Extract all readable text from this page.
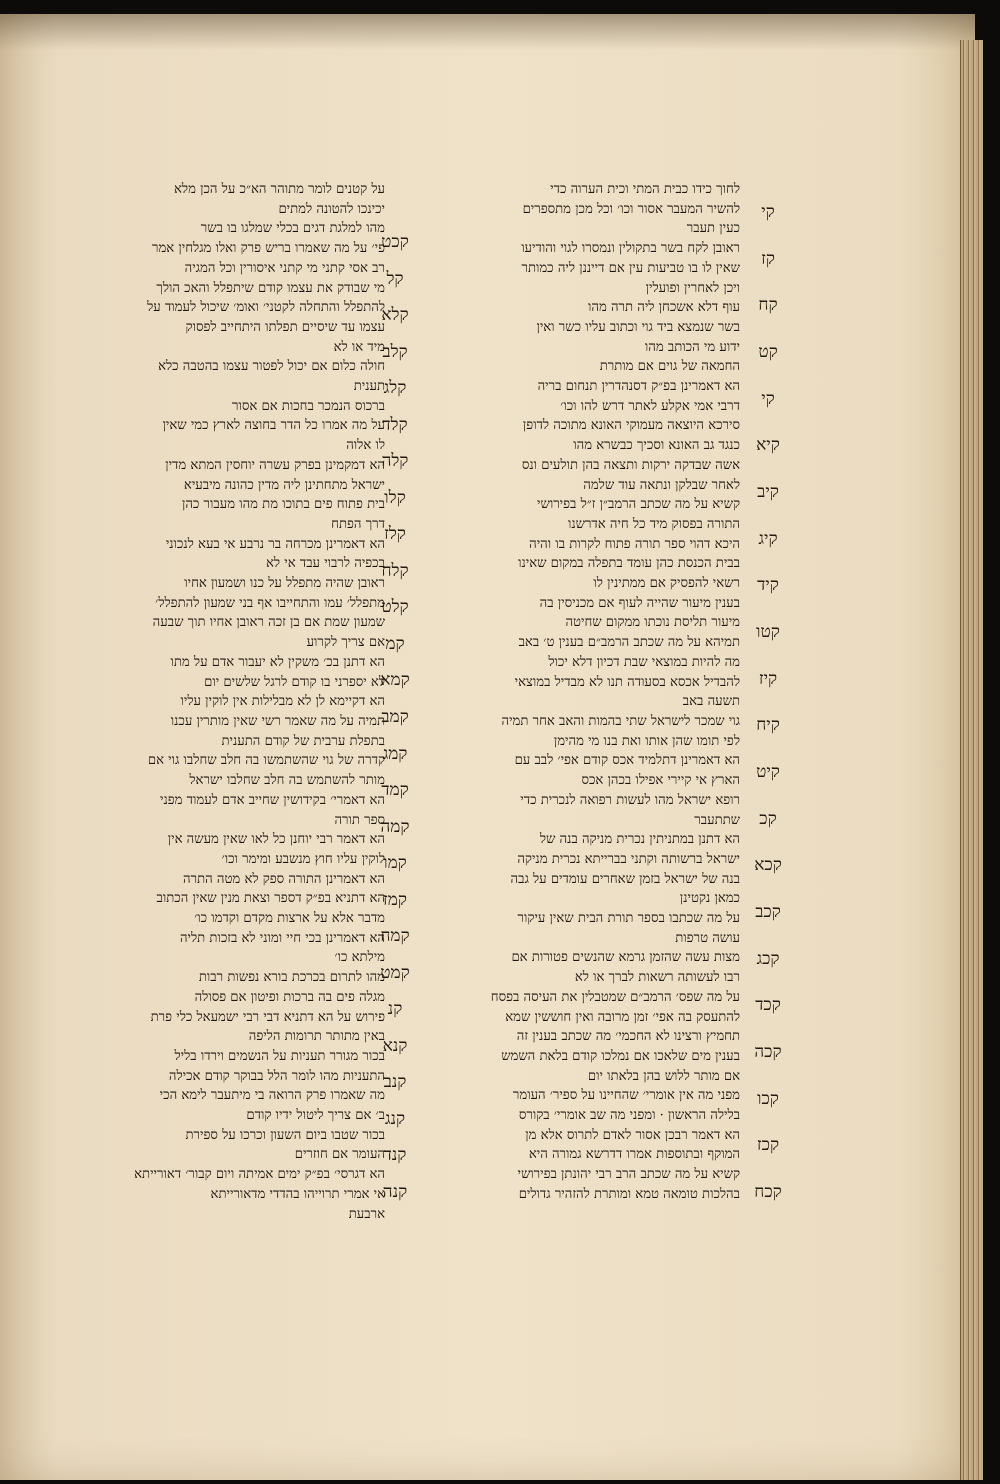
לחוך כידו כבית המתי וכית הערוה כדי
להשיר המעבר אסור וכו׳ וכל מכן מתספרים
כעין תעבר
ראובן לקח בשר בתקולין ונמסרו לגוי והודיעו
שאין לו בו טביעות עין אם דייננן ליה כמותר
ויכן לאחרין ופועלין
עוף דלא אשכחן ליה תרה מהו
בשר שנמצא ביד גוי וכתוב עליו כשר ואין
ידוע מי הכותב מהו
החמאה של גוים אם מותרת
הא דאמרינן בפ״ק דסנהדרין תנחום בריה
דרבי אמי אקלע לאתר דרש להו וכו׳
סירכא היוצאה מעמוקי האונא מתוכה לדופן
כנגד גב האונא וסכיך כבשרא מהו
אשה שבדקה ירקות ותצאה בהן תולעים ונס
לאחר שבלקן ונתאה עוד שלמה
קשיא על מה שכתב הרמב״ן ז״ל בפירושי
התורה בפסוק מיד כל חיה אדרשנו
היכא דהוי ספר תורה פתוח לקרות בו והיה
בבית הכנסת כהן עומד בתפלה במקום שאינו
רשאי להפסיק אם ממתינין לו
בענין מיעור שהייה לעוף אם מכניסין בה
מיעור תליסת נוכתו ממקום שחיטה
תמיהא על מה שכתב הרמב״ם בענין ט׳ באב
מה להיות במוצאי שבת דכיון דלא יכול
להבדיל אכסא בסעודה תנו לא מבדיל במוצאי
תשעה באב
גוי שמכר לישראל שתי בהמות והאב אחר תמיה
לפי תומו שהן אותו ואת בנו מי מהימן
הא דאמרינן דתלמיד אכס קודם אפי׳ לבב עם
הארץ אי קיירי אפילו בכהן אכס
רופא ישראל מהו לעשות רפואה לנכרית כדי
שתתעבר
הא דתנן במתניתין נכרית מניקה בנה של
ישראל ברשותה וקתני בברייתא נכרית מניקה
בנה של ישראל בזמן שאחרים עומדים על גבה
כמאן נקטינן
על מה שכתבו בספר תורת הבית שאין עיקור
עושה טרפות
מצות עשה שהזמן גרמא שהנשים פטורות אם
רבו לעשותה רשאות לברך או לא
על מה שפס׳ הרמב״ם שמטבלין את העיסה בפסח
להתעסק בה אפי׳ זמן מרובה ואין חוששין שמא
תחמיץ ורצינו לא החכמי׳ מה שכתב בענין זה
בענין מים שלאכו אם נמלכו קודם בלאת השמש
אם מותר ללוש בהן בלאתו יום
מפני מה אין אומרי׳ שהחיינו על ספיר׳ העומר
בלילה הראשון · ומפני מה שב אומרי׳ בקורס
הא דאמר רבכן אסור לאדם לתרוס אלא מן
המוקף ובתוספות אמרו דדרשא גמורה היא
קשיא על מה שכתב הרב רבי יהונתן בפירושי
בהלכות טומאה טמא ומותרת להזהיר גדולים
על קטנים לומר מתוהר הא״כ על הכן מלא
יכינכו להטונה למתים
מהו למלגת דגים בכלי שמלגו בו בשר
פי׳ על מה שאמרו בריש פרק ואלו מגלחין אמר
רב אסי קתני מי קתני איסורין וכל המגיה
מי שבודק את עצמו קודם שיתפלל והאכ הולך
להתפלל והתחלה לקטני׳ ואומ׳ שיכול לעמוד על
עצמו עד שיסיים תפלתו היתחייב לפסוק
מיד או לא
חולה כלום אם יכול לפטור עצמו בהטבה כלא
תענית
ברכוס הנמכר בחכות אם אסור
על מה אמרו כל הדר בחוצה לארץ כמי שאין
לו אלוה
הא דמקמינן בפרק עשרה יוחסין המתא מדין
ישראל מתחתינן ליה מדין כהונה מיבעיא
בית פתוח פים בתוכו מת מהו מעבור כהן
דרך הפתח
הא דאמרינן מכרחה בר נרבע אי בעא לנכוני
בכפיה לרבוי עבד אי לא
ראובן שהיה מתפלל על כנו ושמעון אחיו
מתפלל׳ עמו והתחייבו אף בני שמעון להתפלל׳
שמעון שמת אם בן זכה ראובן אחיו תוך שבעה
אם צריך לקרוע
הא דתנן בכ׳ משקין לא יעבור אדם על מתו
לא יספרני בו קודם לרגל שלשים יום
הא דקיימא לן לא מבלילות אין לוקין עליו
תמיה על מה שאמר רשי שאין מותרין עכנו
בתפלת ערבית של קודם התענית
קדרה של גוי שהשתמשו בה חלב שחלבו גוי אם
מותר להשתמש בה חלב שחלבו ישראל
הא דאמרי׳ בקידושין שחייב אדם לעמוד מפני
ספר תורה
הא דאמר רבי יוחנן כל לאו שאין מעשה אין
לוקין עליו חוץ מנשבע ומימר וכו׳
הא דאמרינן התורה ספק לא מטה התרה
הא דתניא בפ״ק דספר וצאת מנין שאין הכתוב
מדבר אלא על ארצות מקדם וקדמו כו׳
הא דאמרינן בכי חיי ומוני לא בזכות תליה
מילתא כו׳
מהו לתרום בכרכת בורא נפשות רבות
מגלה פים בה ברכות ופיטון אם פסולה
פירוש על הא דתניא דבי רבי ישמעאל כלי פרת
באין מתותר תרומות הליפה
בכור מגורר תעניות על הנשמים וירדו בליל
התעניות מהו לומר הלל בבוקר קודם אכילה
מה שאמרו פרק הרואה בי מיתעבר לימא הכי
ב׳ אם צריך ליטול ידיו קודם
בכור שטבו ביום השעון וכרכו על ספירת
העומר אם חוזרים
הא דגרסי׳ בפ״ק ימים אמיתה ויום קבור׳ דאורייתא
אי אמרי תרוייהו בהדדי מדאורייתא
ארבעת
קי
קז
קח
קט
קי
קיא
קיב
קיג
קיד
קטו
קיז
קיח
קיט
קכ
קכא
קכב
קכג
קכד
קכה
קכו
קכז
קכח
קכט
קל
קלא
קלב
קלג
קלד
קלה
קלו
קלז
קלח
קלט
קמ
קמא
קמב
קמג
קמד
קמה
קמו
קמז
קמח
קמט
קנ
קנא
קנב
קנג
קנד
קנה
